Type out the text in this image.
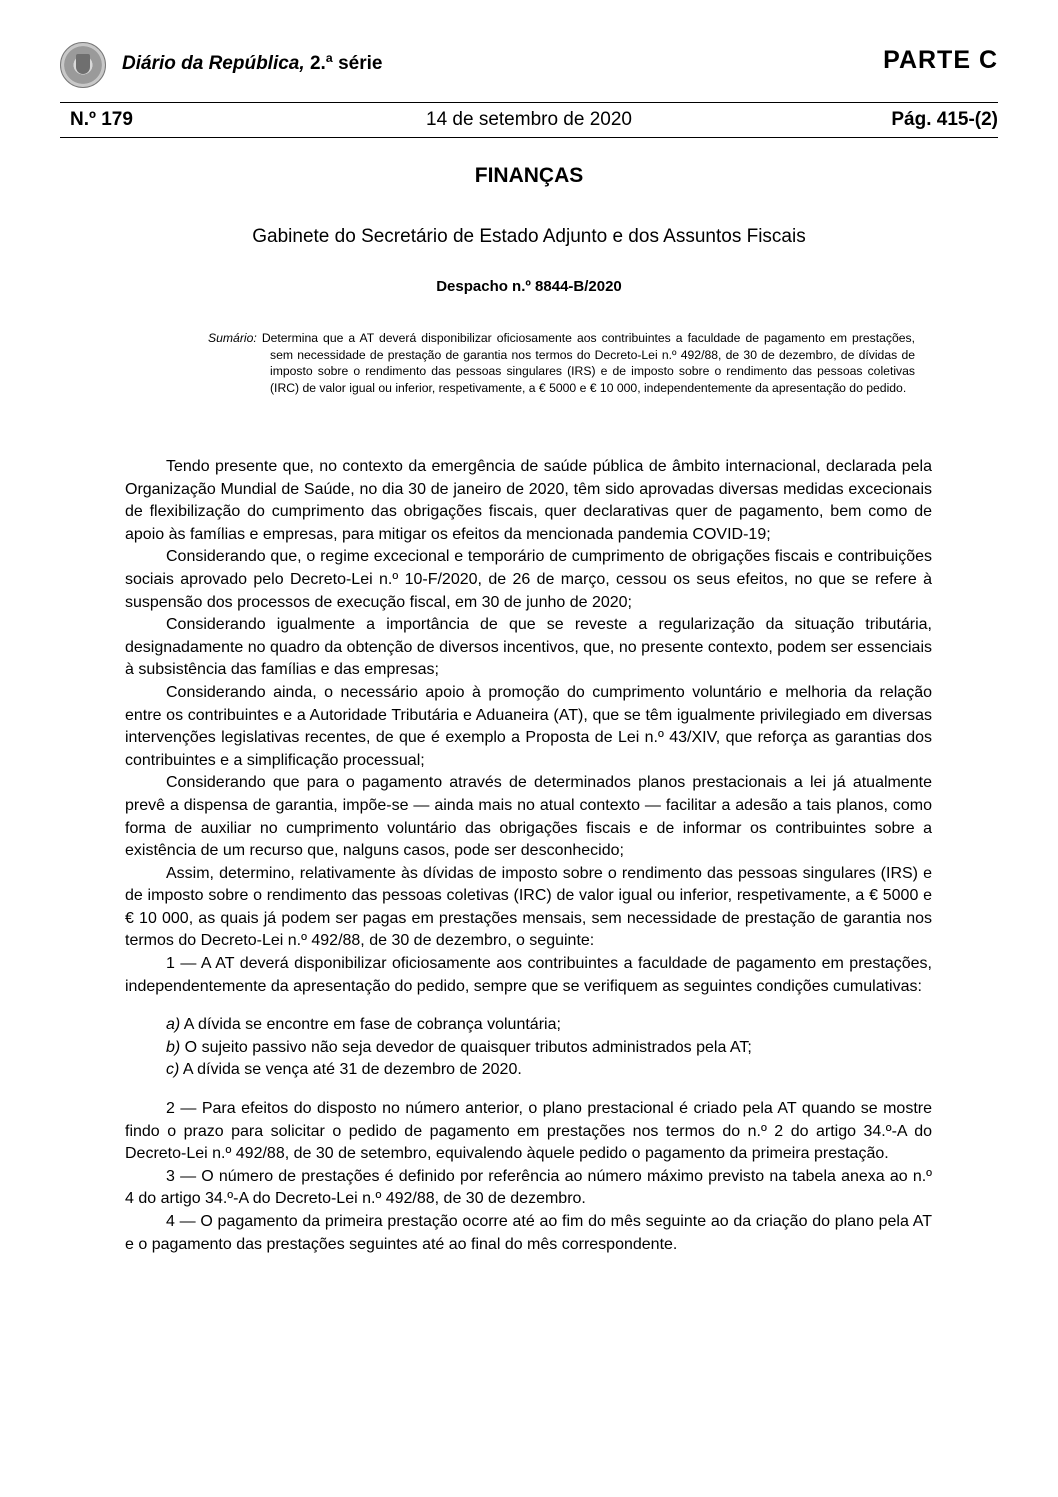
Diário da República, 2.ª série	PARTE C
N.º 179	14 de setembro de 2020	Pág. 415-(2)
FINANÇAS
Gabinete do Secretário de Estado Adjunto e dos Assuntos Fiscais
Despacho n.º 8844-B/2020
Sumário: Determina que a AT deverá disponibilizar oficiosamente aos contribuintes a faculdade de pagamento em prestações, sem necessidade de prestação de garantia nos termos do Decreto-Lei n.º 492/88, de 30 de dezembro, de dívidas de imposto sobre o rendimento das pessoas singulares (IRS) e de imposto sobre o rendimento das pessoas coletivas (IRC) de valor igual ou inferior, respetivamente, a € 5000 e € 10 000, independentemente da apresentação do pedido.

Tendo presente que, no contexto da emergência de saúde pública de âmbito internacional, declarada pela Organização Mundial de Saúde, no dia 30 de janeiro de 2020, têm sido aprovadas diversas medidas excecionais de flexibilização do cumprimento das obrigações fiscais, quer declarativas quer de pagamento, bem como de apoio às famílias e empresas, para mitigar os efeitos da mencionada pandemia COVID-19;

Considerando que, o regime excecional e temporário de cumprimento de obrigações fiscais e contribuições sociais aprovado pelo Decreto-Lei n.º 10-F/2020, de 26 de março, cessou os seus efeitos, no que se refere à suspensão dos processos de execução fiscal, em 30 de junho de 2020;

Considerando igualmente a importância de que se reveste a regularização da situação tributária, designadamente no quadro da obtenção de diversos incentivos, que, no presente contexto, podem ser essenciais à subsistência das famílias e das empresas;

Considerando ainda, o necessário apoio à promoção do cumprimento voluntário e melhoria da relação entre os contribuintes e a Autoridade Tributária e Aduaneira (AT), que se têm igualmente privilegiado em diversas intervenções legislativas recentes, de que é exemplo a Proposta de Lei n.º 43/XIV, que reforça as garantias dos contribuintes e a simplificação processual;

Considerando que para o pagamento através de determinados planos prestacionais a lei já atualmente prevê a dispensa de garantia, impõe-se — ainda mais no atual contexto — facilitar a adesão a tais planos, como forma de auxiliar no cumprimento voluntário das obrigações fiscais e de informar os contribuintes sobre a existência de um recurso que, nalguns casos, pode ser desconhecido;

Assim, determino, relativamente às dívidas de imposto sobre o rendimento das pessoas singulares (IRS) e de imposto sobre o rendimento das pessoas coletivas (IRC) de valor igual ou inferior, respetivamente, a € 5000 e € 10 000, as quais já podem ser pagas em prestações mensais, sem necessidade de prestação de garantia nos termos do Decreto-Lei n.º 492/88, de 30 de dezembro, o seguinte:

1 — A AT deverá disponibilizar oficiosamente aos contribuintes a faculdade de pagamento em prestações, independentemente da apresentação do pedido, sempre que se verifiquem as seguintes condições cumulativas:

a) A dívida se encontre em fase de cobrança voluntária;

b) O sujeito passivo não seja devedor de quaisquer tributos administrados pela AT;

c) A dívida se vença até 31 de dezembro de 2020.

2 — Para efeitos do disposto no número anterior, o plano prestacional é criado pela AT quando se mostre findo o prazo para solicitar o pedido de pagamento em prestações nos termos do n.º 2 do artigo 34.º-A do Decreto-Lei n.º 492/88, de 30 de setembro, equivalendo àquele pedido o pagamento da primeira prestação.

3 — O número de prestações é definido por referência ao número máximo previsto na tabela anexa ao n.º 4 do artigo 34.º-A do Decreto-Lei n.º 492/88, de 30 de dezembro.

4 — O pagamento da primeira prestação ocorre até ao fim do mês seguinte ao da criação do plano pela AT e o pagamento das prestações seguintes até ao final do mês correspondente.
